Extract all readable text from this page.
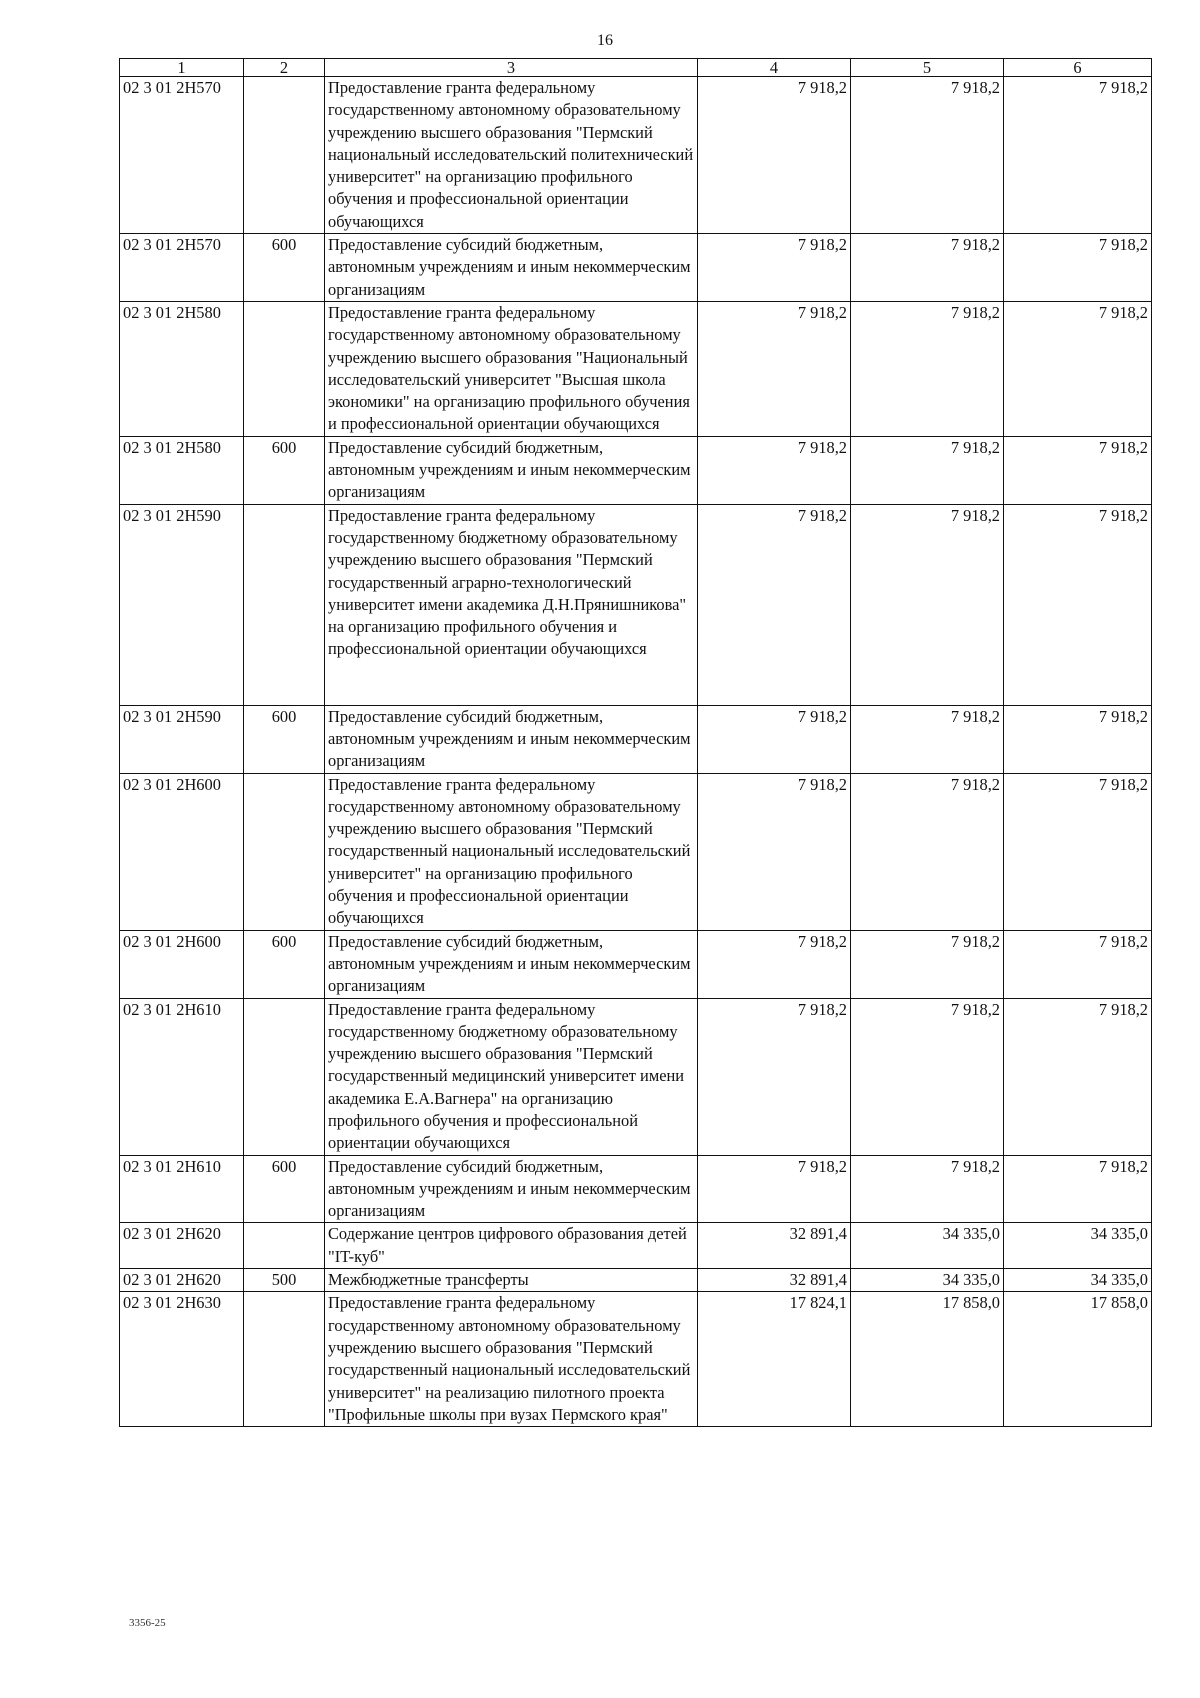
16
1	2	3	4	5	6
02 3 01 2Н570		Предоставление гранта федеральному государственному автономному образовательному учреждению высшего образования "Пермский национальный исследовательский политехнический университет" на организацию профильного обучения и профессиональной ориентации обучающихся	7 918,2	7 918,2	7 918,2
02 3 01 2Н570	600	Предоставление субсидий бюджетным, автономным учреждениям и иным некоммерческим организациям	7 918,2	7 918,2	7 918,2
02 3 01 2Н580		Предоставление гранта федеральному государственному автономному образовательному учреждению высшего образования "Национальный исследовательский университет "Высшая школа экономики" на организацию профильного обучения и профессиональной ориентации обучающихся	7 918,2	7 918,2	7 918,2
02 3 01 2Н580	600	Предоставление субсидий бюджетным, автономным учреждениям и иным некоммерческим организациям	7 918,2	7 918,2	7 918,2
02 3 01 2Н590		Предоставление гранта федеральному государственному бюджетному образовательному учреждению высшего образования "Пермский государственный аграрно-технологический университет имени академика Д.Н.Прянишникова" на организацию профильного обучения и профессиональной ориентации обучающихся	7 918,2	7 918,2	7 918,2
02 3 01 2Н590	600	Предоставление субсидий бюджетным, автономным учреждениям и иным некоммерческим организациям	7 918,2	7 918,2	7 918,2
02 3 01 2Н600		Предоставление гранта федеральному государственному автономному образовательному учреждению высшего образования "Пермский государственный национальный исследовательский университет" на организацию профильного обучения и профессиональной ориентации обучающихся	7 918,2	7 918,2	7 918,2
02 3 01 2Н600	600	Предоставление субсидий бюджетным, автономным учреждениям и иным некоммерческим организациям	7 918,2	7 918,2	7 918,2
02 3 01 2Н610		Предоставление гранта федеральному государственному бюджетному образовательному учреждению высшего образования "Пермский государственный медицинский университет имени академика Е.А.Вагнера" на организацию профильного обучения и профессиональной ориентации обучающихся	7 918,2	7 918,2	7 918,2
02 3 01 2Н610	600	Предоставление субсидий бюджетным, автономным учреждениям и иным некоммерческим организациям	7 918,2	7 918,2	7 918,2
02 3 01 2Н620		Содержание центров цифрового образования детей "IT-куб"	32 891,4	34 335,0	34 335,0
02 3 01 2Н620	500	Межбюджетные трансферты	32 891,4	34 335,0	34 335,0
02 3 01 2Н630		Предоставление гранта федеральному государственному автономному образовательному учреждению высшего образования "Пермский государственный национальный исследовательский университет" на реализацию пилотного проекта "Профильные школы при вузах Пермского края"	17 824,1	17 858,0	17 858,0
3356-25
